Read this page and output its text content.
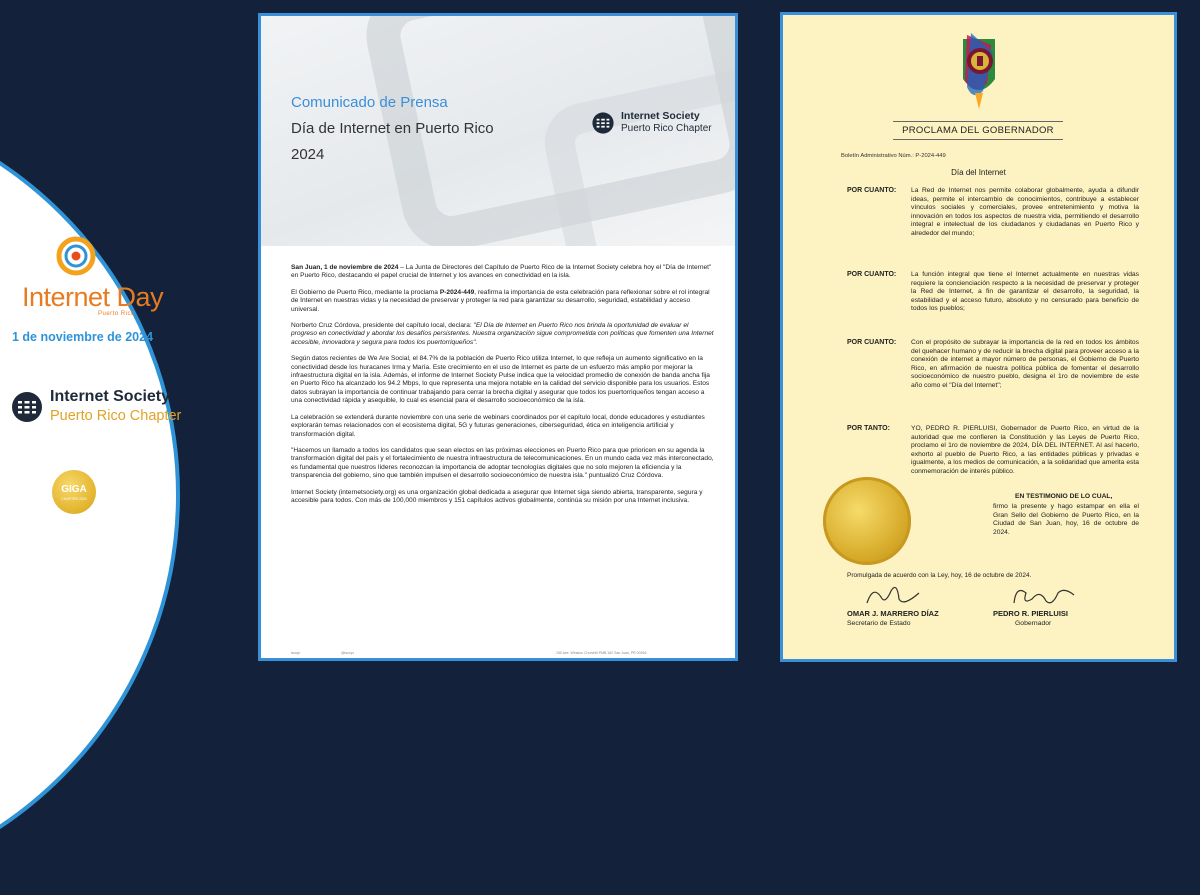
Internet Day
Puerto Rico
1 de noviembre de 2024
Internet Society
Puerto Rico Chapter
GIGA
CHAPTER 2024
Comunicado de Prensa
Día de Internet en Puerto Rico
2024
Internet Society
Puerto Rico Chapter

San Juan, 1 de noviembre de 2024 – La Junta de Directores del Capítulo de Puerto Rico de la Internet Society celebra hoy el "Día de Internet" en Puerto Rico, destacando el papel crucial de Internet y los avances en conectividad en la isla.

El Gobierno de Puerto Rico, mediante la proclama P-2024-449, reafirma la importancia de esta celebración para reflexionar sobre el rol integral de Internet en nuestras vidas y la necesidad de preservar y proteger la red para garantizar su desarrollo, seguridad, estabilidad y acceso universal.

Norberto Cruz Córdova, presidente del capítulo local, declara: "El Día de Internet en Puerto Rico nos brinda la oportunidad de evaluar el progreso en conectividad y abordar los desafíos persistentes. Nuestra organización sigue comprometida con políticas que fomenten una Internet accesible, innovadora y segura para todos los puertorriqueños".

Según datos recientes de We Are Social, el 84.7% de la población de Puerto Rico utiliza Internet, lo que refleja un aumento significativo en la conectividad desde los huracanes Irma y María. Este crecimiento en el uso de Internet es parte de un esfuerzo más amplio por mejorar la infraestructura digital en la isla. Además, el informe de Internet Society Pulse indica que la velocidad promedio de conexión de banda ancha fija en Puerto Rico ha alcanzado los 94.2 Mbps, lo que representa una mejora notable en la calidad del servicio disponible para los usuarios. Estos datos subrayan la importancia de continuar trabajando para cerrar la brecha digital y asegurar que todos los puertorriqueños tengan acceso a una conectividad rápida y asequible, lo cual es esencial para el desarrollo socioeconómico de la isla.

La celebración se extenderá durante noviembre con una serie de webinars coordinados por el capítulo local, donde educadores y estudiantes explorarán temas relacionados con el ecosistema digital, 5G y futuras generaciones, ciberseguridad, ética en inteligencia artificial y transformación digital.

"Hacemos un llamado a todos los candidatos que sean electos en las próximas elecciones en Puerto Rico para que prioricen en su agenda la transformación digital del país y el fortalecimiento de nuestra infraestructura de telecomunicaciones. En un mundo cada vez más interconectado, es fundamental que nuestros líderes reconozcan la importancia de adoptar tecnologías digitales que no solo mejoren la eficiencia y la transparencia del gobierno, sino que también impulsen el desarrollo socioeconómico de nuestra isla." puntualizó Cruz Córdova.

Internet Society (internetsociety.org) es una organización global dedicada a asegurar que Internet siga siendo abierta, transparente, segura y accesible para todos. Con más de 100,000 miembros y 151 capítulos activos globalmente, continúa su misión por una Internet inclusiva.

isocpr	@isocpr	150 Ave. Winston Churchill PMB 162 San Juan, PR 00926
PROCLAMA DEL GOBERNADOR
Boletín Administrativo Núm.: P-2024-449
Día del Internet
POR CUANTO: La Red de Internet nos permite colaborar globalmente, ayuda a difundir ideas, permite el intercambio de conocimientos, contribuye a establecer vínculos sociales y comerciales, provee entretenimiento y motiva la innovación en todos los aspectos de nuestra vida, permitiendo el desarrollo integral e intelectual de los ciudadanos y ciudadanas en Puerto Rico y alrededor del mundo;
POR CUANTO: La función integral que tiene el Internet actualmente en nuestras vidas requiere la concienciación respecto a la necesidad de preservar y proteger la Red de Internet, a fin de garantizar el desarrollo, la seguridad, la estabilidad y el acceso futuro, absoluto y no censurado para beneficio de todos los pueblos;
POR CUANTO: Con el propósito de subrayar la importancia de la red en todos los ámbitos del quehacer humano y de reducir la brecha digital para proveer acceso a la conexión de internet a mayor número de personas, el Gobierno de Puerto Rico, en afirmación de nuestra política pública de fomentar el desarrollo socioeconómico de nuestro pueblo, designa el 1ro de noviembre de este año como el "Día del Internet";
POR TANTO:	YO, PEDRO R. PIERLUISI, Gobernador de Puerto Rico, en virtud de la autoridad que me confieren la Constitución y las Leyes de Puerto Rico, proclamo el 1ro de noviembre de 2024, DÍA DEL INTERNET. Al así hacerlo, exhorto al pueblo de Puerto Rico, a las entidades públicas y privadas e igualmente, a los medios de comunicación, a la solidaridad que amerita esta conmemoración de interés público.
EN TESTIMONIO DE LO CUAL,
firmo la presente y hago estampar en ella el Gran Sello del Gobierno de Puerto Rico, en la Ciudad de San Juan, hoy, 16 de octubre de 2024.
Promulgada de acuerdo con la Ley, hoy, 16 de octubre de 2024.
OMAR J. MARRERO DÍAZ
Secretario de Estado
PEDRO R. PIERLUISI
Gobernador
